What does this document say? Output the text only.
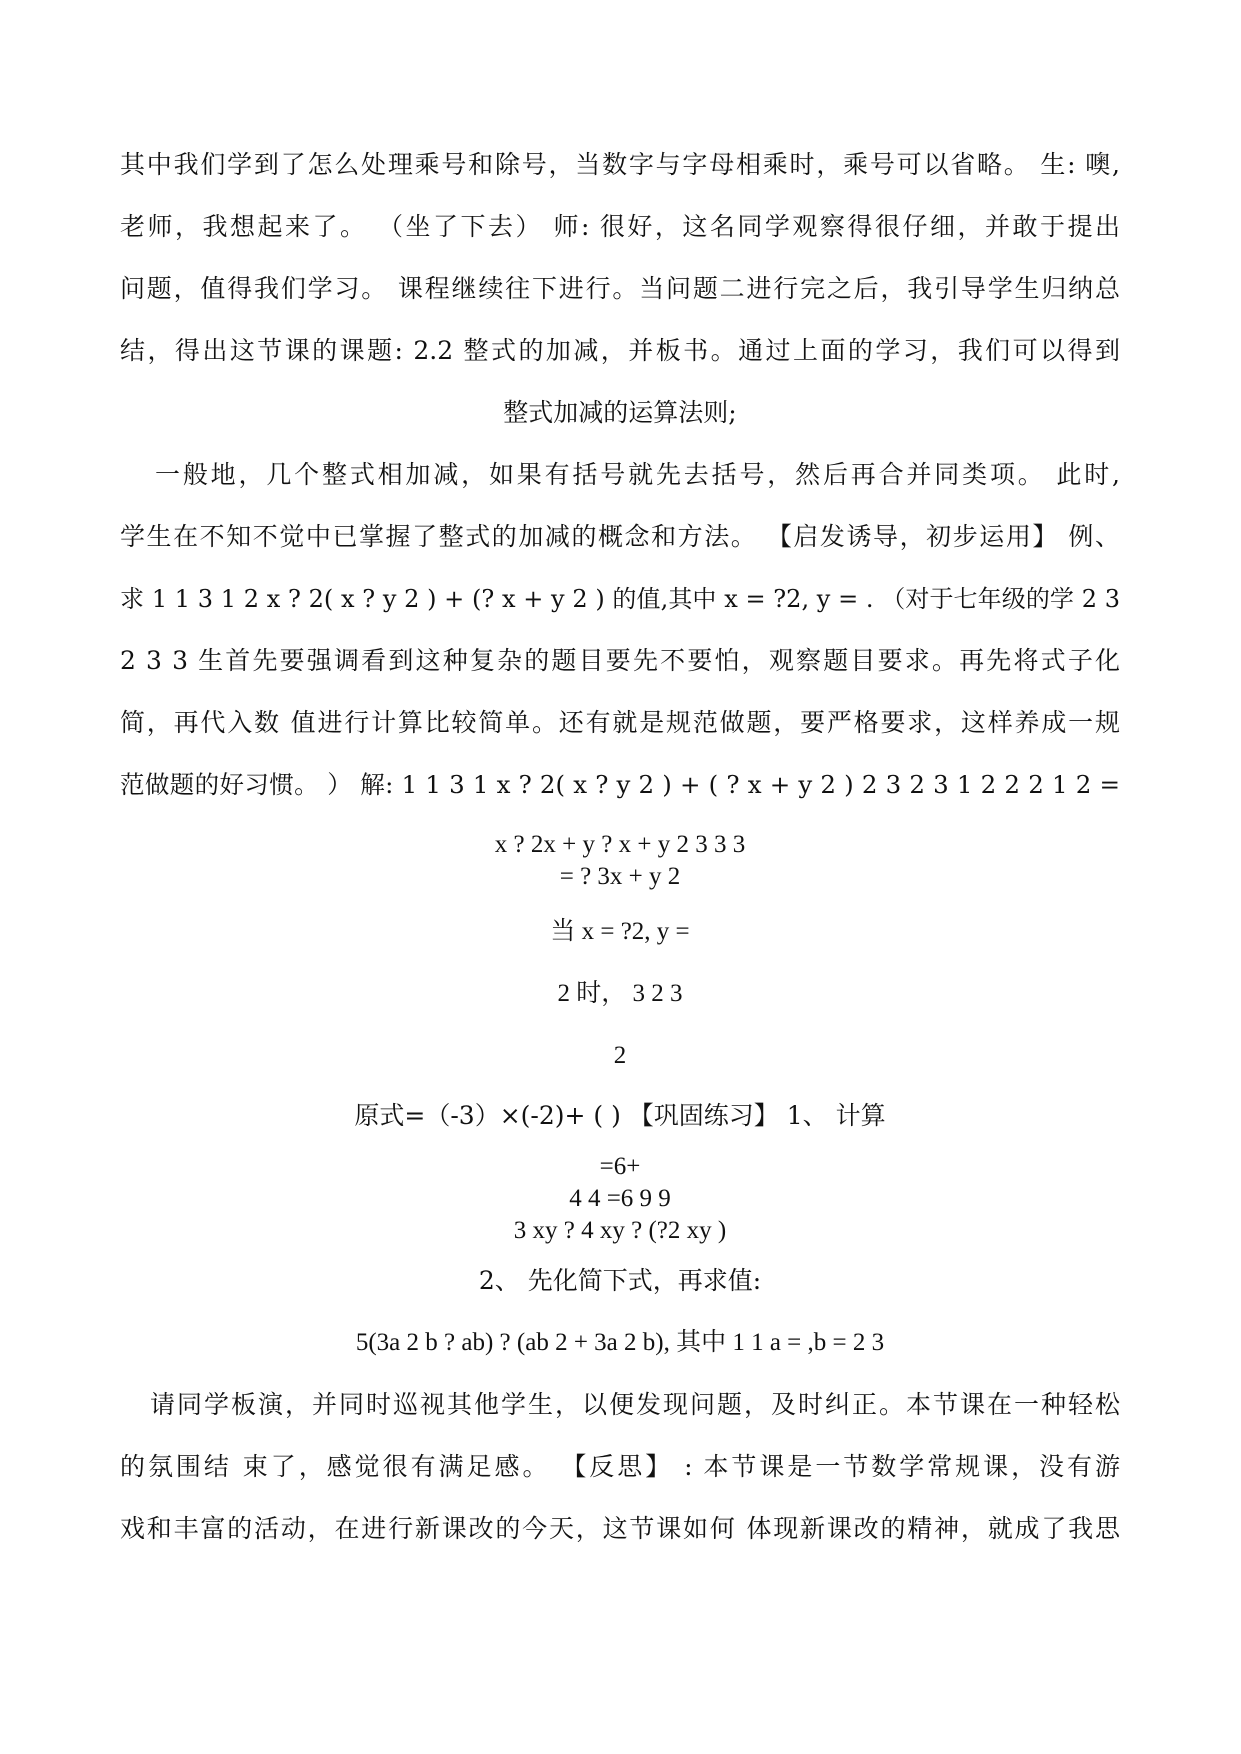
其中我们学到了怎么处理乘号和除号，当数字与字母相乘时，乘号可以省略。 生: 噢,
老师，我想起来了。 （坐了下去） 师: 很好，这名同学观察得很仔细，并敢于提出
问题，值得我们学习。 课程继续往下进行。当问题二进行完之后，我引导学生归纳总
结，得出这节课的课题: 2.2 整式的加减，并板书。通过上面的学习，我们可以得到
整式加减的运算法则;
一般地，几个整式相加减，如果有括号就先去括号，然后再合并同类项。 此时,
学生在不知不觉中已掌握了整式的加减的概念和方法。 【启发诱导，初步运用】 例、
求 1 1 3 1 2 x ? 2( x ? y 2 ) + (? x + y 2 ) 的值,其中 x = ?2, y = . （对于七年级的学 2 3
2 3 3 生首先要强调看到这种复杂的题目要先不要怕，观察题目要求。再先将式子化
简，再代入数 值进行计算比较简单。还有就是规范做题，要严格要求，这样养成一规
范做题的好习惯。 ） 解: 1 1 3 1 x ? 2( x ? y 2 ) + ( ? x + y 2 ) 2 3 2 3 1 2 2 2 1 2 =
x ? 2x + y ? x + y 2 3 3 3
= ? 3x + y 2
当 x = ?2, y =
2 时， 3 2 3
2
原式=（-3）×(-2)+ ( ) 【巩固练习】 1、 计算
=6+
4 4 =6 9 9
3 xy ? 4 xy ? (?2 xy )
2、 先化简下式，再求值:
5(3a 2 b ? ab) ? (ab 2 + 3a 2 b), 其中 1 1 a = ,b = 2 3
请同学板演，并同时巡视其他学生，以便发现问题，及时纠正。本节课在一种轻松
的氛围结 束了，感觉很有满足感。 【反思】 : 本节课是一节数学常规课，没有游
戏和丰富的活动，在进行新课改的今天，这节课如何 体现新课改的精神，就成了我思
